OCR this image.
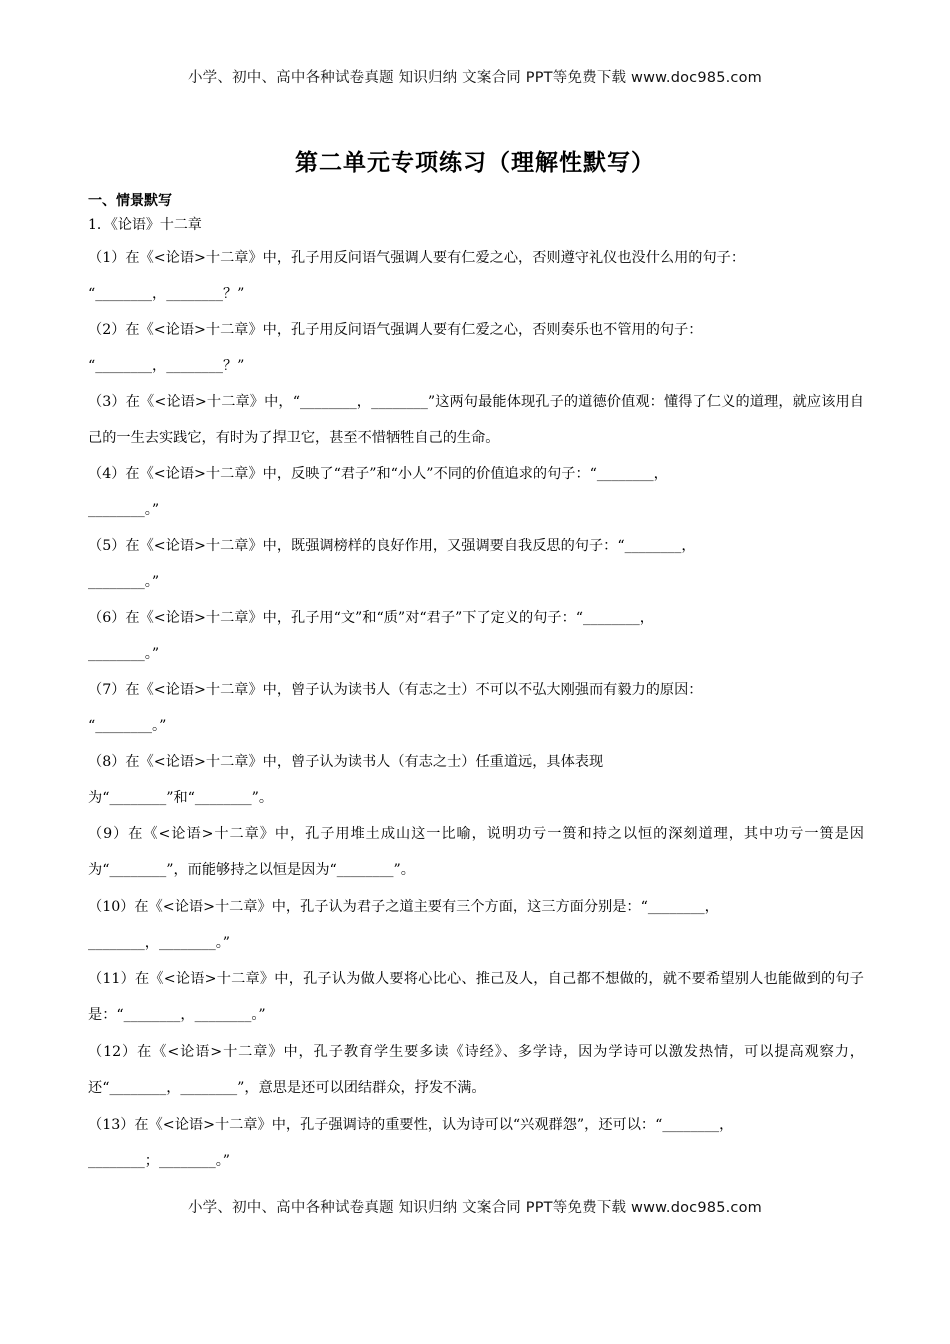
小学、初中、高中各种试卷真题 知识归纳 文案合同 PPT等免费下载 www.doc985.com
第二单元专项练习（理解性默写）
一、情景默写
1．《论语》十二章
（1）在《<论语>十二章》中，孔子用反问语气强调人要有仁爱之心，否则遵守礼仪也没什么用的句子：
“________，________？”
（2）在《<论语>十二章》中，孔子用反问语气强调人要有仁爱之心，否则奏乐也不管用的句子：
“________，________？”
（3）在《<论语>十二章》中，“________，________”这两句最能体现孔子的道德价值观：懂得了仁义的道理，就应该用自己的一生去实践它，有时为了捍卫它，甚至不惜牺牲自己的生命。
（4）在《<论语>十二章》中，反映了“君子”和“小人”不同的价值追求的句子：“________，
________。”
（5）在《<论语>十二章》中，既强调榜样的良好作用，又强调要自我反思的句子：“________，
________。”
（6）在《<论语>十二章》中，孔子用“文”和“质”对“君子”下了定义的句子：“________，
________。”
（7）在《<论语>十二章》中，曾子认为读书人（有志之士）不可以不弘大刚强而有毅力的原因：
“________。”
（8）在《<论语>十二章》中，曾子认为读书人（有志之士）任重道远，具体表现
为“________”和“________”。
（9）在《<论语>十二章》中，孔子用堆土成山这一比喻，说明功亏一篑和持之以恒的深刻道理，其中功亏一篑是因为“________”，而能够持之以恒是因为“________”。
（10）在《<论语>十二章》中，孔子认为君子之道主要有三个方面，这三方面分别是：“________，
________，________。”
（11）在《<论语>十二章》中，孔子认为做人要将心比心、推己及人，自己都不想做的，就不要希望别人也能做到的句子是：“________，________。”
（12）在《<论语>十二章》中，孔子教育学生要多读《诗经》、多学诗，因为学诗可以激发热情，可以提高观察力，还“________，________”，意思是还可以团结群众，抒发不满。
（13）在《<论语>十二章》中，孔子强调诗的重要性，认为诗可以“兴观群怨”，还可以：“________，
________；________。”
小学、初中、高中各种试卷真题 知识归纳 文案合同 PPT等免费下载 www.doc985.com
